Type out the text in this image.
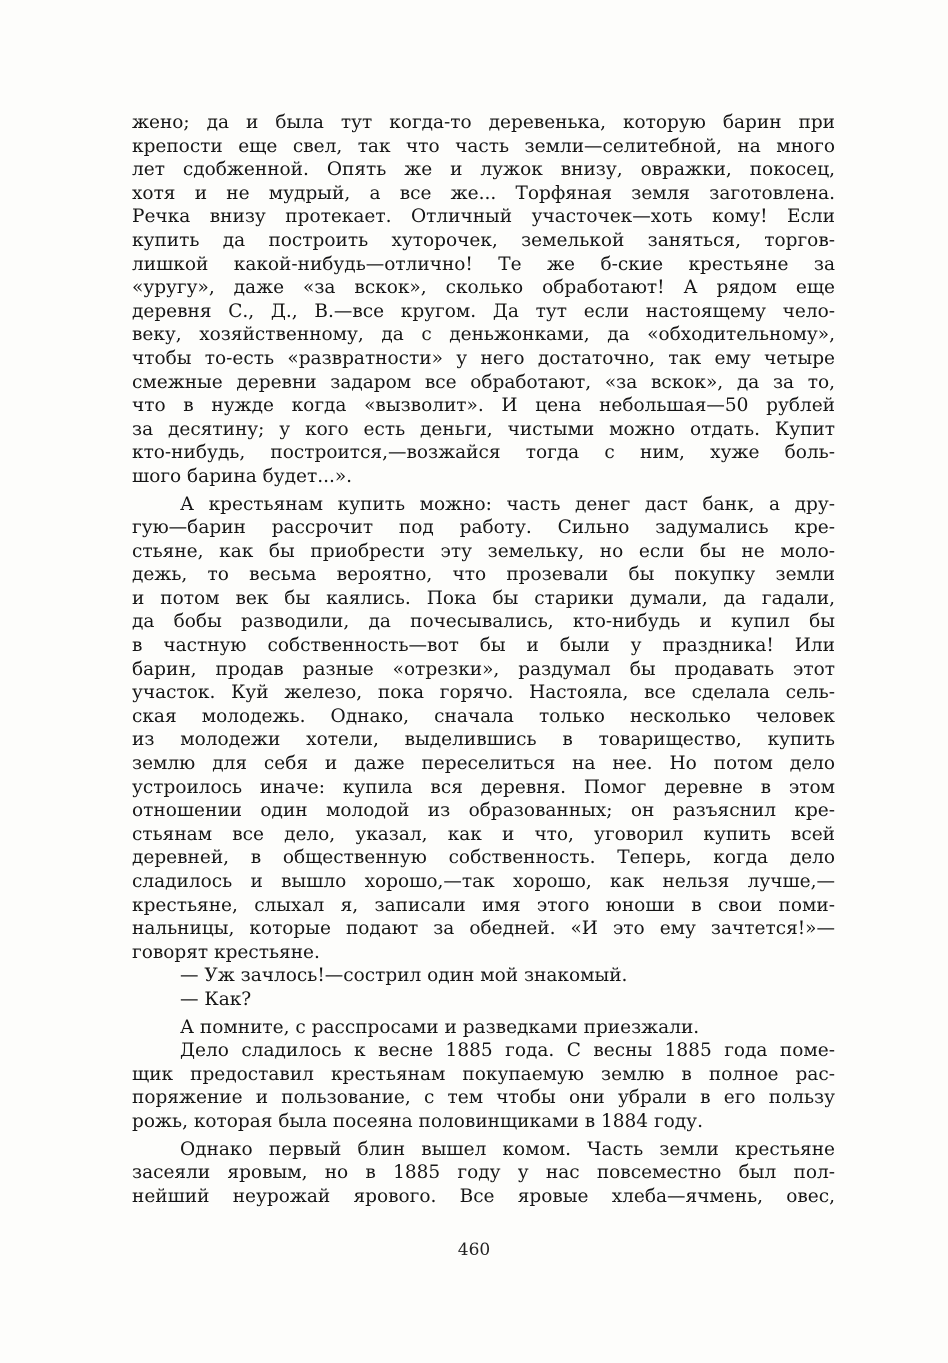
жено; да и была тут когда-то деревенька, которую барин при
крепости еще свел, так что часть земли—селитебной, на много
лет сдобженной. Опять же и лужок внизу, овражки, покосец,
хотя и не мудрый, а все же... Торфяная земля заготовлена.
Речка внизу протекает. Отличный участочек—хоть кому! Если
купить да построить хуторочек, земелькой заняться, торгов-
лишкой какой-нибудь—отлично! Те же б-ские крестьяне за
«уругу», даже «за вскок», сколько обработают! А рядом еще
деревня С., Д., В.—все кругом. Да тут если настоящему чело-
веку, хозяйственному, да с деньжонками, да «обходительному»,
чтобы то-есть «развратности» у него достаточно, так ему четыре
смежные деревни задаром все обработают, «за вскок», да за то,
что в нужде когда «вызволит». И цена небольшая—50 рублей
за десятину; у кого есть деньги, чистыми можно отдать. Купит
кто-нибудь, построится,—возжайся тогда с ним, хуже боль-
шого барина будет...».
А крестьянам купить можно: часть денег даст банк, а дру-
гую—барин рассрочит под работу. Сильно задумались кре-
стьяне, как бы приобрести эту земельку, но если бы не моло-
дежь, то весьма вероятно, что прозевали бы покупку земли
и потом век бы каялись. Пока бы старики думали, да гадали,
да бобы разводили, да почесывались, кто-нибудь и купил бы
в частную собственность—вот бы и были у праздника! Или
барин, продав разные «отрезки», раздумал бы продавать этот
участок. Куй железо, пока горячо. Настояла, все сделала сель-
ская молодежь. Однако, сначала только несколько человек
из молодежи хотели, выделившись в товарищество, купить
землю для себя и даже переселиться на нее. Но потом дело
устроилось иначе: купила вся деревня. Помог деревне в этом
отношении один молодой из образованных; он разъяснил кре-
стьянам все дело, указал, как и что, уговорил купить всей
деревней, в общественную собственность. Теперь, когда дело
сладилось и вышло хорошо,—так хорошо, как нельзя лучше,—
крестьяне, слыхал я, записали имя этого юноши в свои поми-
нальницы, которые подают за обедней. «И это ему зачтется!»—
говорят крестьяне.
— Уж зачлось!—сострил один мой знакомый.
— Как?
А помните, с расспросами и разведками приезжали.
Дело сладилось к весне 1885 года. С весны 1885 года поме-
щик предоставил крестьянам покупаемую землю в полное рас-
поряжение и пользование, с тем чтобы они убрали в его пользу
рожь, которая была посеяна половинщиками в 1884 году.
Однако первый блин вышел комом. Часть земли крестьяне
засеяли яровым, но в 1885 году у нас повсеместно был пол-
нейший неурожай ярового. Все яровые хлеба—ячмень, овес,
460
